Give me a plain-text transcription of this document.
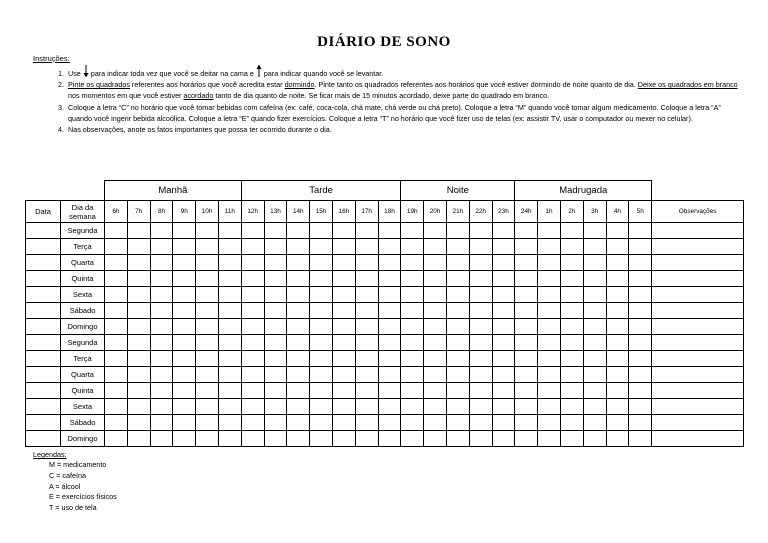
DIÁRIO DE SONO
Instruções:
1. Use para indicar toda vez que você se deitar na cama e para indicar quando você se levantar.
2. Pinte os quadrados referentes aos horários que você acredita estar dormindo. Pinte tanto os quadrados referentes aos horários que você estiver dormindo de noite quanto de dia. Deixe os quadrados em branco nos momentos em que você estiver acordado tanto de dia quanto de noite. Se ficar mais de 15 minutos acordado, deixe parte do quadrado em branco.
3. Coloque a letra “C” no horário que você tomar bebidas com cafeína (ex: café, coca-cola, chá mate, chá verde ou chá preto). Coloque a letra “M” quando você tomar algum medicamento. Coloque a letra “A” quando você ingerir bebida alcoólica. Coloque a letra “E” quando fizer exercícios. Coloque a letra “T” no horário que você fizer uso de telas (ex: assistir TV, usar o computador ou mexer no celular).
4. Nas observações, anote os fatos importantes que possa ter ocorrido durante o dia.
		Manhã						Tarde							Noite					Madrugada						
Data	Dia da semana	6h	7h	8h	9h	10h	11h	12h	13h	14h	15h	16h	17h	18h	19h	20h	21h	22h	23h	24h	1h	2h	3h	4h	5h	Observações
	Segunda																									
	Terça																									
	Quarta																									
	Quinta																									
	Sexta																									
	Sábado																									
	Domingo																									
	Segunda																									
	Terça																									
	Quarta																									
	Quinta																									
	Sexta																									
	Sábado																									
	Domingo																									
Legendas:
M = medicamento
C = cafeína
A = álcool
E = exercícios físicos
T = uso de tela
